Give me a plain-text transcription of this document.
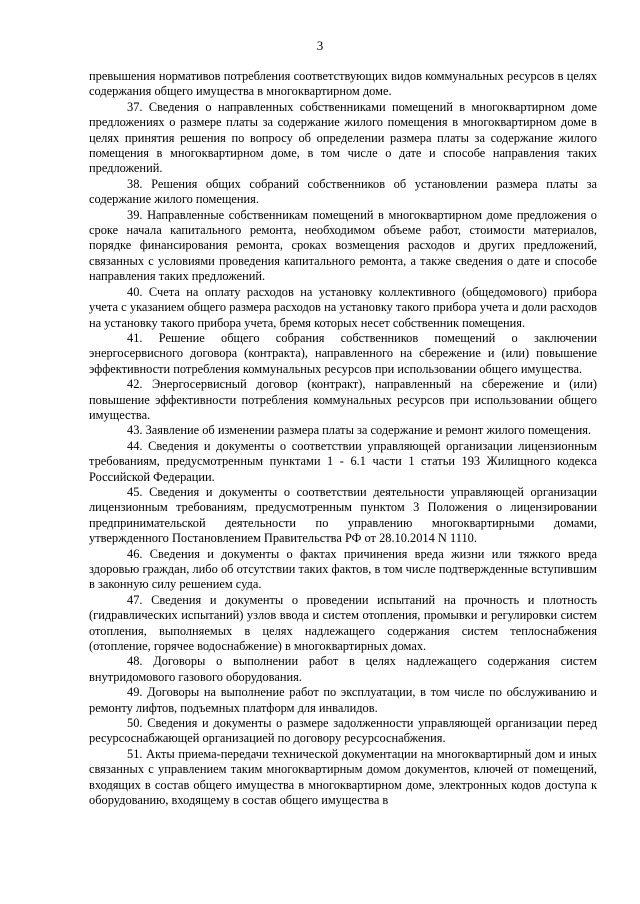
3

превышения нормативов потребления соответствующих видов коммунальных ресурсов в целях содержания общего имущества в многоквартирном доме.

37. Сведения о направленных собственниками помещений в многоквартирном доме предложениях о размере платы за содержание жилого помещения в многоквартирном доме в целях принятия решения по вопросу об определении размера платы за содержание жилого помещения в многоквартирном доме, в том числе о дате и способе направления таких предложений.

38. Решения общих собраний собственников об установлении размера платы за содержание жилого помещения.

39. Направленные собственникам помещений в многоквартирном доме предложения о сроке начала капитального ремонта, необходимом объеме работ, стоимости материалов, порядке финансирования ремонта, сроках возмещения расходов и других предложений, связанных с условиями проведения капитального ремонта, а также сведения о дате и способе направления таких предложений.

40. Счета на оплату расходов на установку коллективного (общедомового) прибора учета с указанием общего размера расходов на установку такого прибора учета и доли расходов на установку такого прибора учета, бремя которых несет собственник помещения.

41. Решение общего собрания собственников помещений о заключении энергосервисного договора (контракта), направленного на сбережение и (или) повышение эффективности потребления коммунальных ресурсов при использовании общего имущества.

42. Энергосервисный договор (контракт), направленный на сбережение и (или) повышение эффективности потребления коммунальных ресурсов при использовании общего имущества.

43. Заявление об изменении размера платы за содержание и ремонт жилого помещения.

44. Сведения и документы о соответствии управляющей организации лицензионным требованиям, предусмотренным пунктами 1 - 6.1 части 1 статьи 193 Жилищного кодекса Российской Федерации.

45. Сведения и документы о соответствии деятельности управляющей организации лицензионным требованиям, предусмотренным пунктом 3 Положения о лицензировании предпринимательской деятельности по управлению многоквартирными домами, утвержденного Постановлением Правительства РФ от 28.10.2014 N 1110.

46. Сведения и документы о фактах причинения вреда жизни или тяжкого вреда здоровью граждан, либо об отсутствии таких фактов, в том числе подтвержденные вступившим в законную силу решением суда.

47. Сведения и документы о проведении испытаний на прочность и плотность (гидравлических испытаний) узлов ввода и систем отопления, промывки и регулировки систем отопления, выполняемых в целях надлежащего содержания систем теплоснабжения (отопление, горячее водоснабжение) в многоквартирных домах.

48. Договоры о выполнении работ в целях надлежащего содержания систем внутридомового газового оборудования.

49. Договоры на выполнение работ по эксплуатации, в том числе по обслуживанию и ремонту лифтов, подъемных платформ для инвалидов.

50. Сведения и документы о размере задолженности управляющей организации перед ресурсоснабжающей организацией по договору ресурсоснабжения.

51. Акты приема-передачи технической документации на многоквартирный дом и иных связанных с управлением таким многоквартирным домом документов, ключей от помещений, входящих в состав общего имущества в многоквартирном доме, электронных кодов доступа к оборудованию, входящему в состав общего имущества в
